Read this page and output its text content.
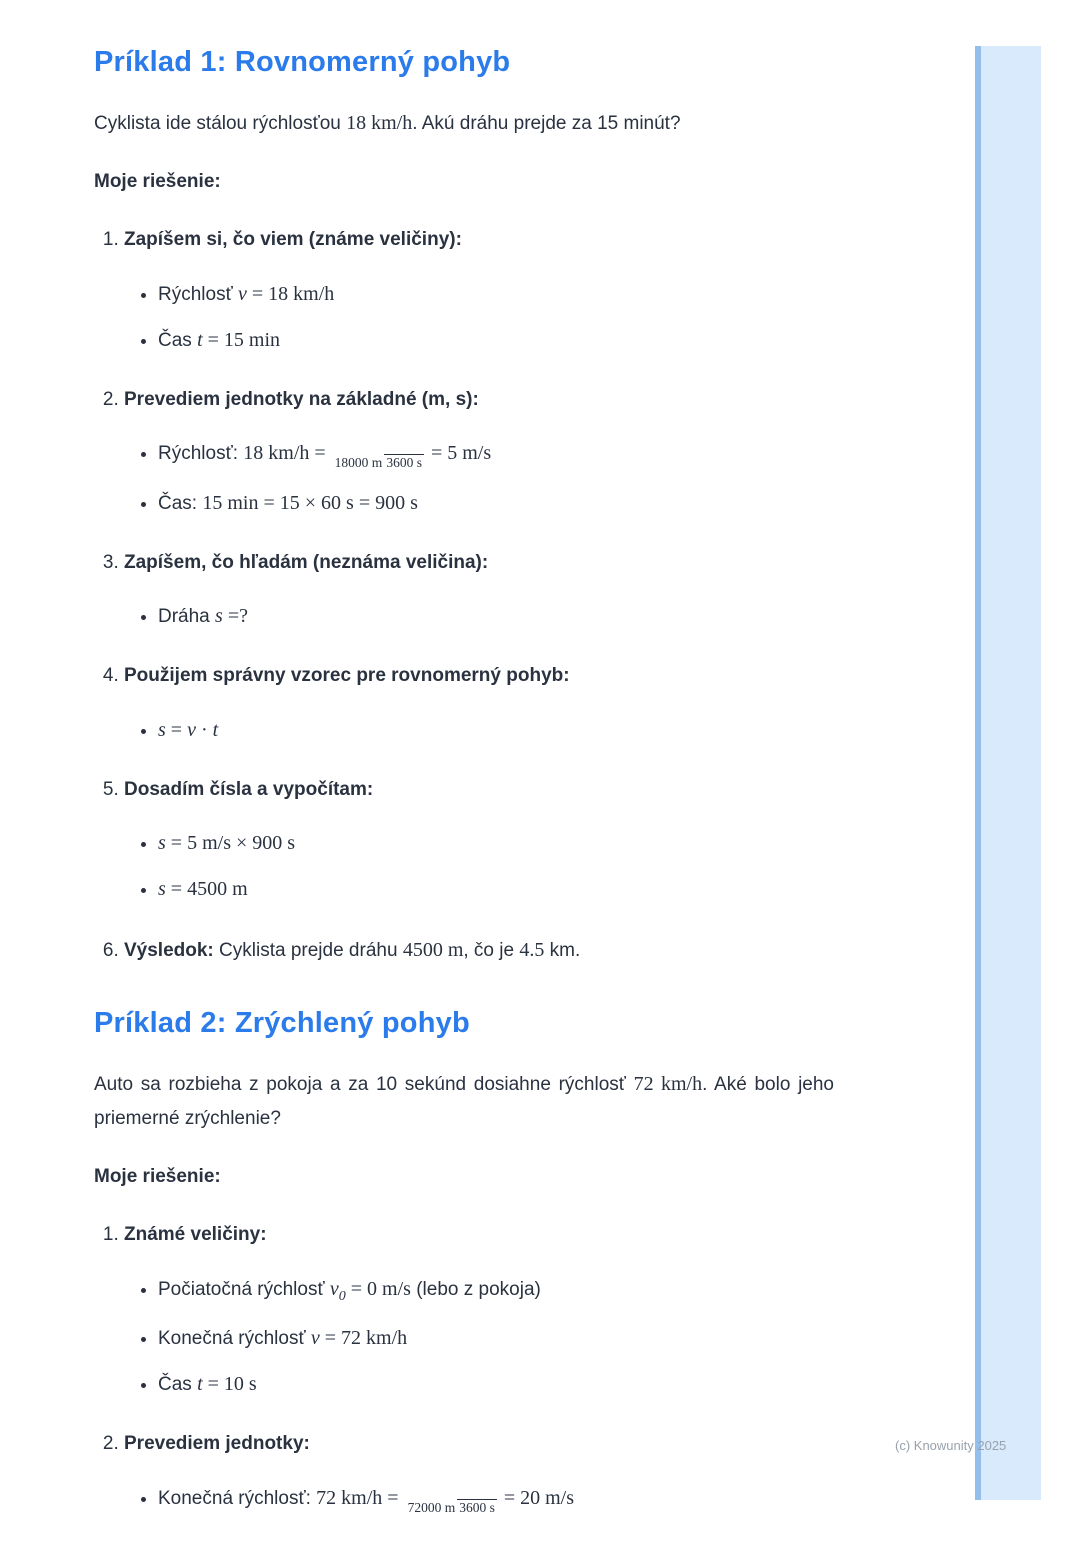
Príklad 1: Rovnomerný pohyb

Cyklista ide stálou rýchlosťou 18 km/h. Akú dráhu prejde za 15 minút?

Moje riešenie:

1. Zapíšem si, čo viem (známe veličiny):
• Rýchlosť v = 18 km/h
• Čas t = 15 min
2. Prevediem jednotky na základné (m, s):
• Rýchlosť: 18 km/h = 18000 m 3600 s = 5 m/s
• Čas: 15 min = 15 × 60 s = 900 s
3. Zapíšem, čo hľadám (neznáma veličina):
• Dráha s =?
4. Použijem správny vzorec pre rovnomerný pohyb:
• s = v · t
5. Dosadím čísla a vypočítam:
• s = 5 m/s × 900 s
• s = 4500 m
6. Výsledok: Cyklista prejde dráhu 4500 m, čo je 4.5 km.
Príklad 2: Zrýchlený pohyb

Auto sa rozbieha z pokoja a za 10 sekúnd dosiahne rýchlosť 72 km/h. Aké bolo jeho priemerné zrýchlenie?

Moje riešenie:

1. Známé veličiny:
• Počiatočná rýchlosť $v_0 = 0$ m/s (lebo z pokoja)
• Konečná rýchlosť v = 72 km/h
• Čas t = 10 s
2. Prevediem jednotky:
• Konečná rýchlosť: 72 km/h = 72000 m 3600 s = 20 m/s
(c) Knowunity 2025
